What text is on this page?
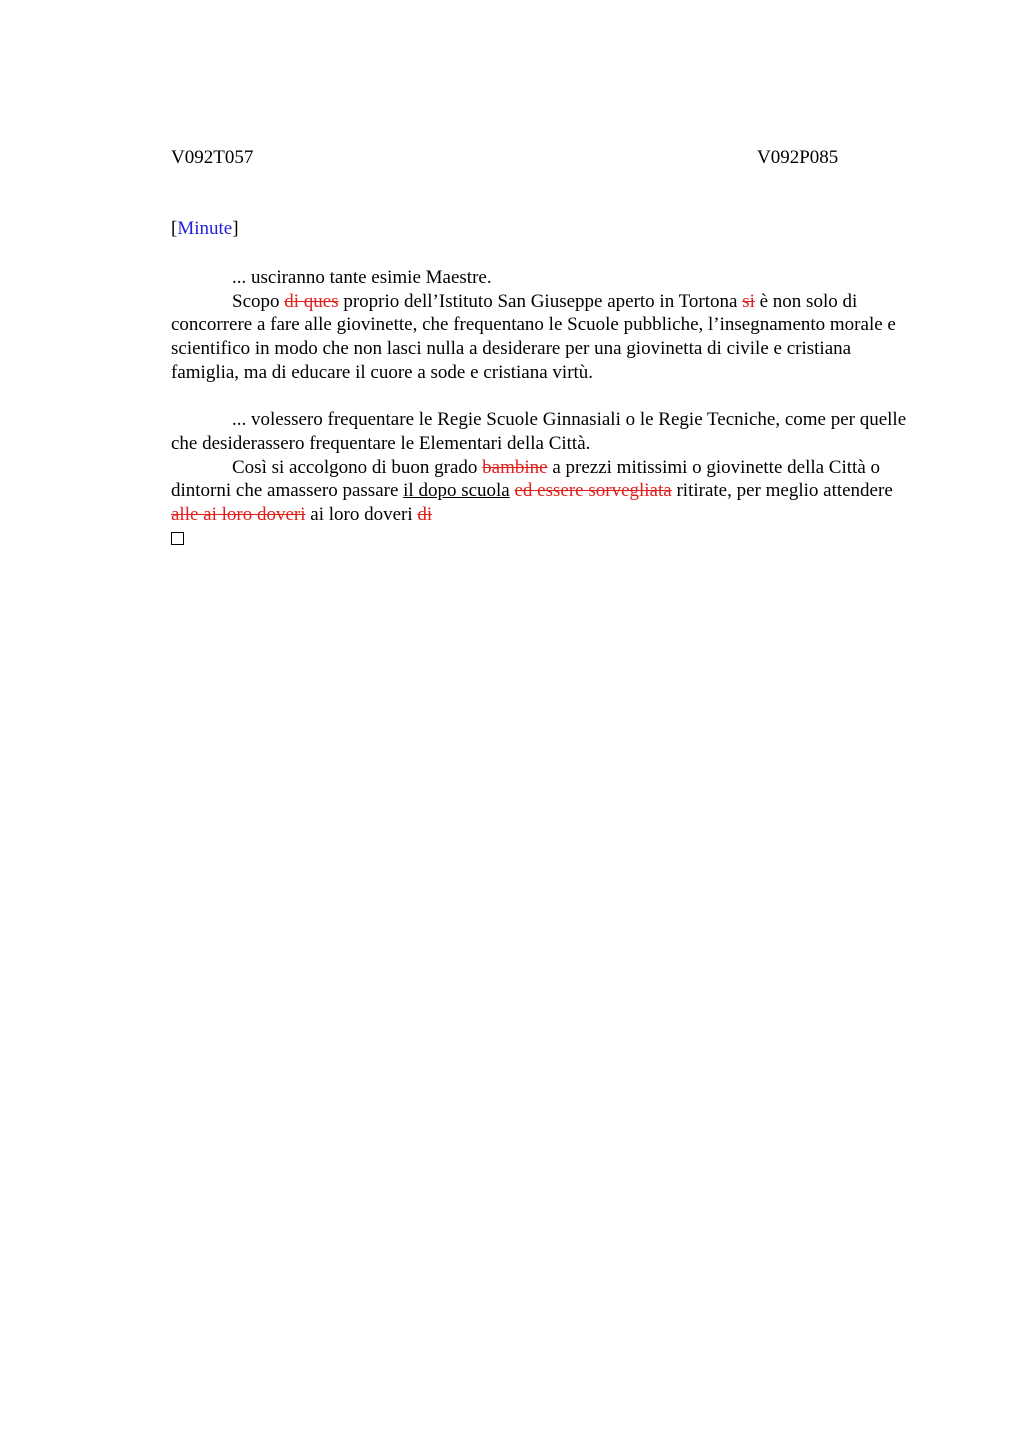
V092T057	V092P085
[Minute]

... usciranno tante esimie Maestre.

Scopo di ques proprio dell’Istituto San Giuseppe aperto in Tortona si è non solo di concorrere a fare alle giovinette, che frequentano le Scuole pubbliche, l’insegnamento morale e scientifico in modo che non lasci nulla a desiderare per una giovinetta di civile e cristiana famiglia, ma di educare il cuore a sode e cristiana virtù.

... volessero frequentare le Regie Scuole Ginnasiali o le Regie Tecniche, come per quelle che desiderassero frequentare le Elementari della Città.

Così si accolgono di buon grado bambine a prezzi mitissimi o giovinette della Città o dintorni che amassero passare il dopo scuola ed essere sorvegliata ritirate, per meglio attendere alle ai loro doveri ai loro doveri di
